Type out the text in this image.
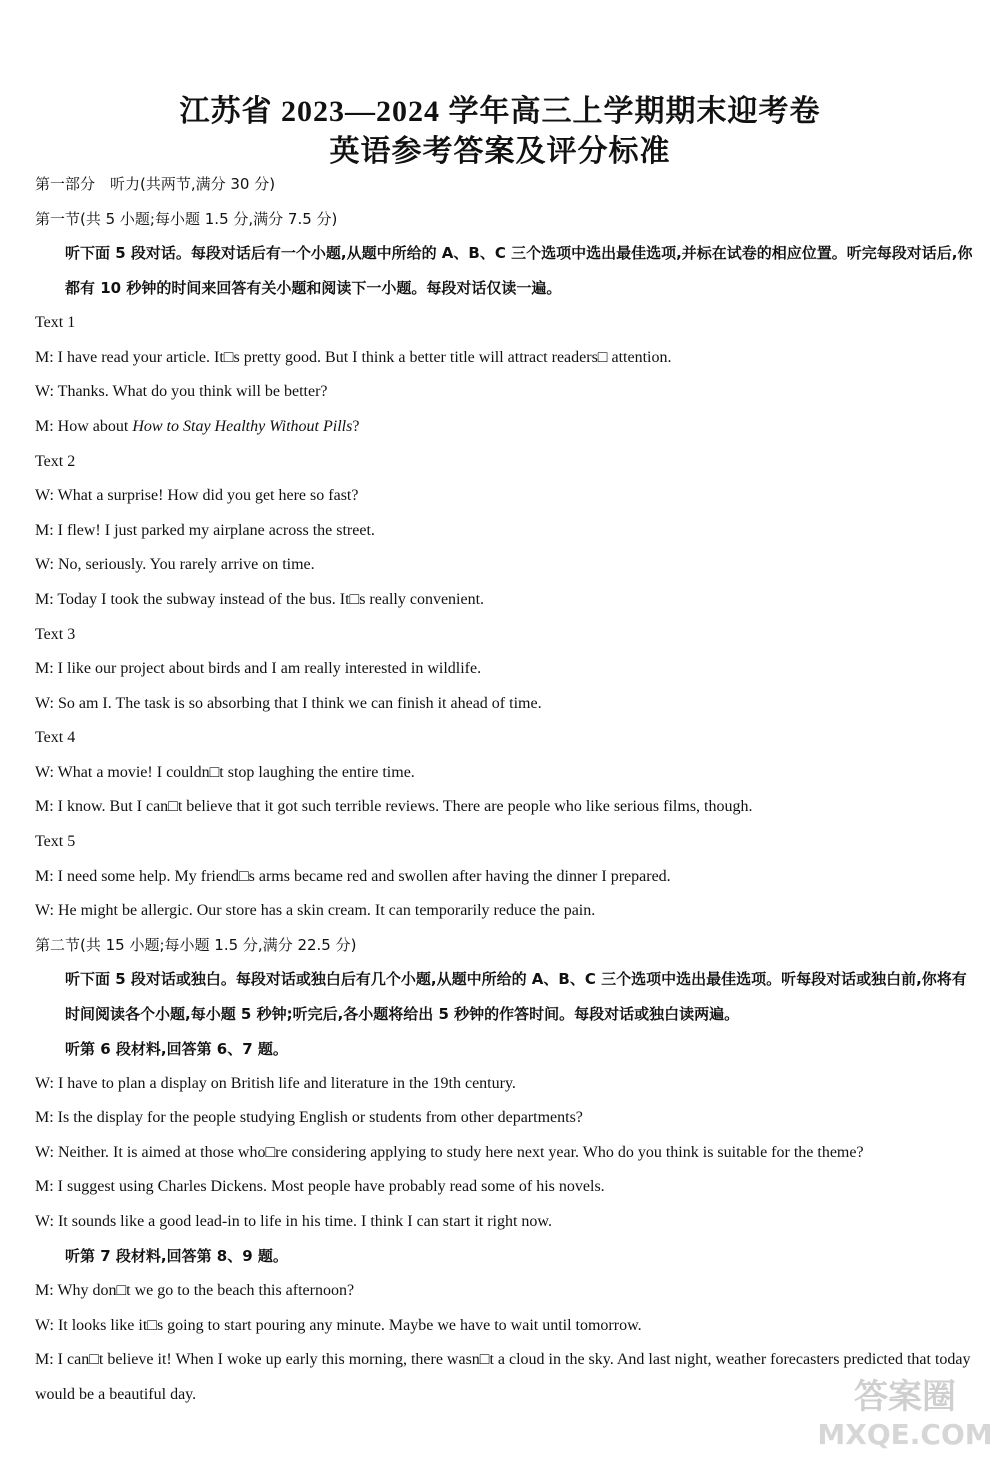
江苏省 2023—2024 学年高三上学期期末迎考卷
英语参考答案及评分标准
第一部分　听力(共两节,满分 30 分)
第一节(共 5 小题;每小题 1.5 分,满分 7.5 分)
听下面 5 段对话。每段对话后有一个小题,从题中所给的 A、B、C 三个选项中选出最佳选项,并标在试卷的相应位置。听完每段对话后,你都有 10 秒钟的时间来回答有关小题和阅读下一小题。每段对话仅读一遍。
Text 1
M: I have read your article. It□s pretty good. But I think a better title will attract readers□ attention.
W: Thanks. What do you think will be better?
M: How about How to Stay Healthy Without Pills?
Text 2
W: What a surprise! How did you get here so fast?
M: I flew! I just parked my airplane across the street.
W: No, seriously. You rarely arrive on time.
M: Today I took the subway instead of the bus. It□s really convenient.
Text 3
M: I like our project about birds and I am really interested in wildlife.
W: So am I. The task is so absorbing that I think we can finish it ahead of time.
Text 4
W: What a movie! I couldn□t stop laughing the entire time.
M: I know. But I can□t believe that it got such terrible reviews. There are people who like serious films, though.
Text 5
M: I need some help. My friend□s arms became red and swollen after having the dinner I prepared.
W: He might be allergic. Our store has a skin cream. It can temporarily reduce the pain.
第二节(共 15 小题;每小题 1.5 分,满分 22.5 分)
听下面 5 段对话或独白。每段对话或独白后有几个小题,从题中所给的 A、B、C 三个选项中选出最佳选项。听每段对话或独白前,你将有时间阅读各个小题,每小题 5 秒钟;听完后,各小题将给出 5 秒钟的作答时间。每段对话或独白读两遍。
听第 6 段材料,回答第 6、7 题。
W: I have to plan a display on British life and literature in the 19th century.
M: Is the display for the people studying English or students from other departments?
W: Neither. It is aimed at those who□re considering applying to study here next year. Who do you think is suitable for the theme?
M: I suggest using Charles Dickens. Most people have probably read some of his novels.
W: It sounds like a good lead-in to life in his time. I think I can start it right now.
听第 7 段材料,回答第 8、9 题。
M: Why don□t we go to the beach this afternoon?
W: It looks like it□s going to start pouring any minute. Maybe we have to wait until tomorrow.
M: I can□t believe it! When I woke up early this morning, there wasn□t a cloud in the sky. And last night, weather forecasters predicted that today would be a beautiful day.	答案圈
MXQE.COM
